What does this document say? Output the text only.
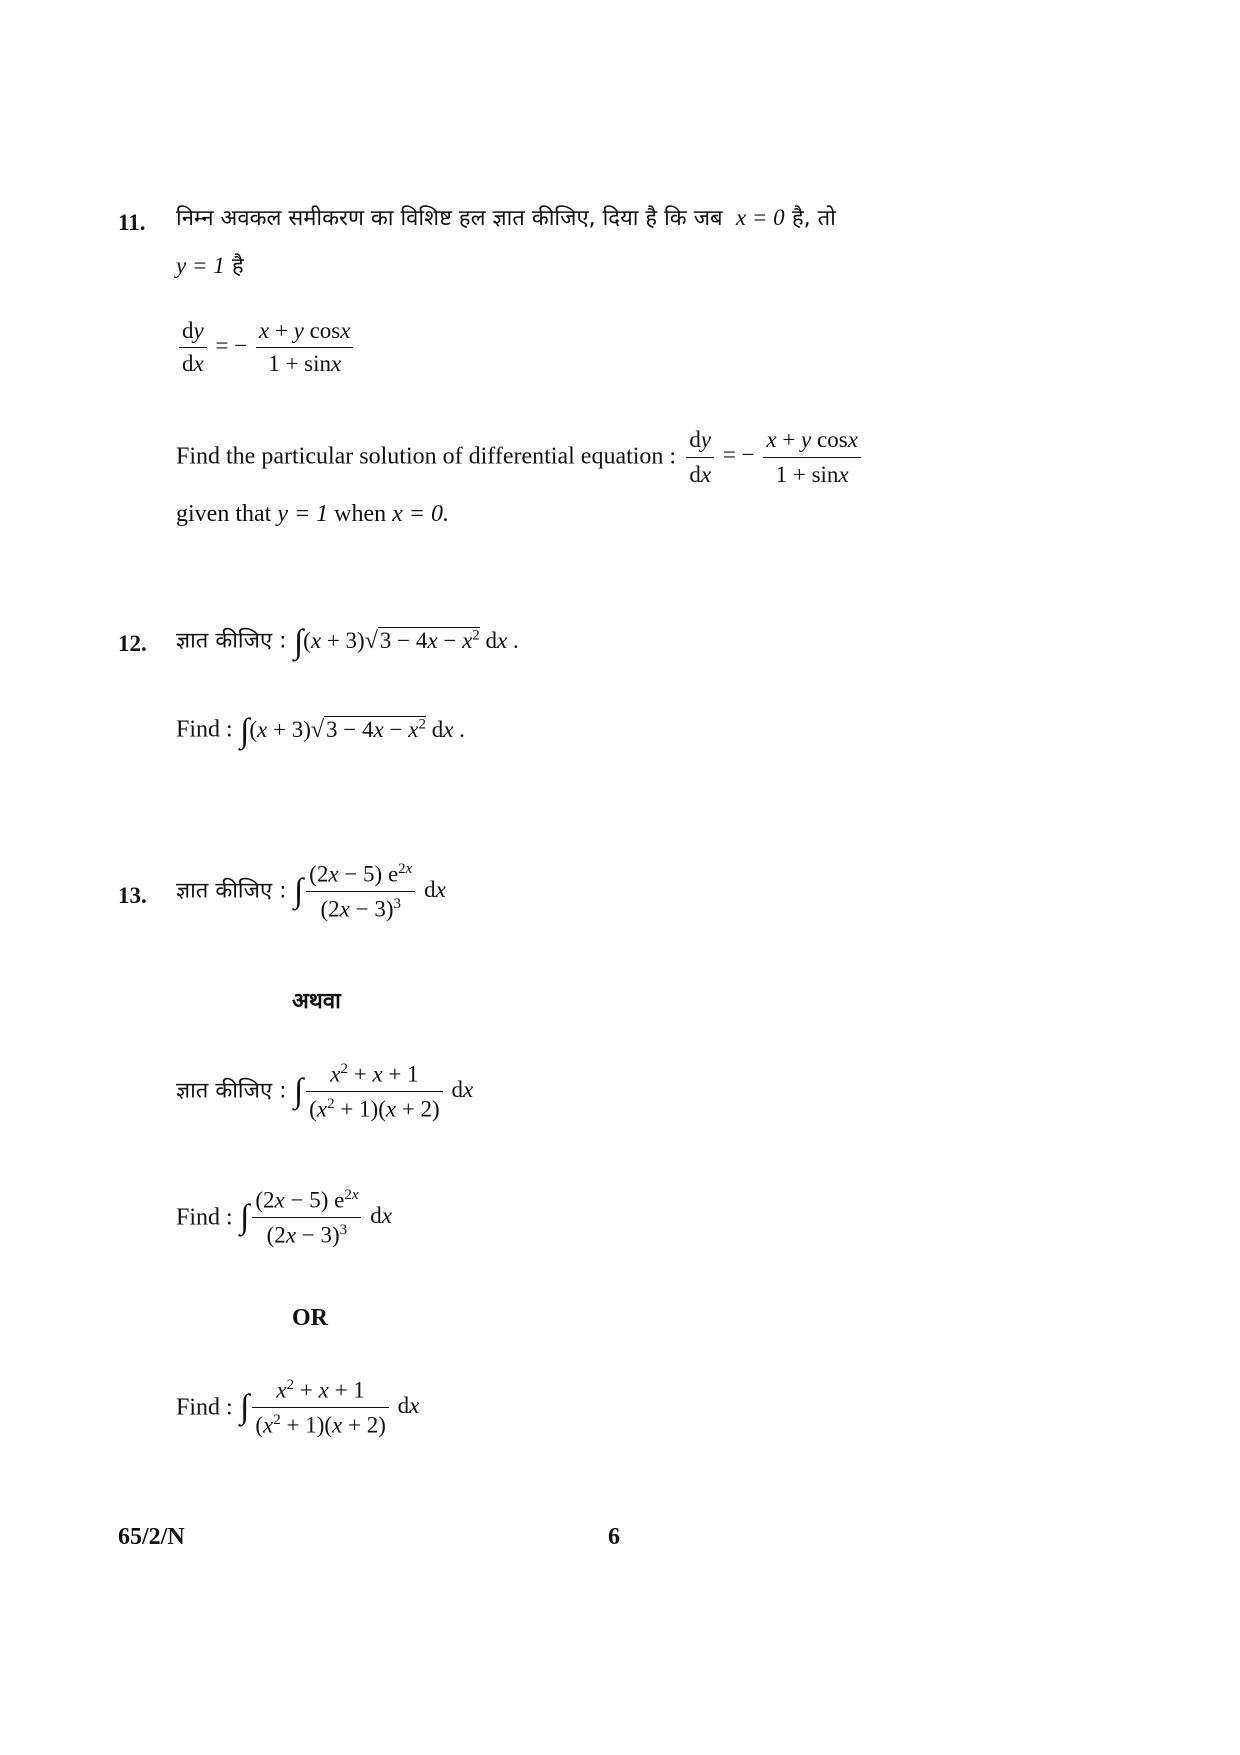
11. निम्न अवकल समीकरण का विशिष्ट हल ज्ञात कीजिए, दिया है कि जब x = 0 है, तो
y = 1 है
$\frac{dy}{dx}$ = − $\frac{\text{x + y cosx}}{1 + \sin x}$
Find the particular solution of differential equation : $\frac{dy}{dx}$ = − $\frac{\text{x + y cosx}}{1 + \sin x}$
given that y = 1 when x = 0.
12. ज्ञात कीजिए : $\int(x + 3)√3 - 4x - x^2$ dx .
Find : $\int(x + 3)√3 - 4x - x^2$ dx .
13. ज्ञात कीजिए : ∫ $\frac{(2x - 5) e^{2x}}{(2x - 3)^3}$ dx
अथवा
ज्ञात कीजिए : ∫ $\frac{x^2 + x + 1}{(x^2 + 1)(x + 2)}$ dx
Find : ∫ $\frac{(2x - 5) e^{2x}}{(2x - 3)^3}$ dx
OR
Find : ∫ $\frac{x^2 + x + 1}{(x^2 + 1)(x + 2)}$ dx
65/2/N	6
